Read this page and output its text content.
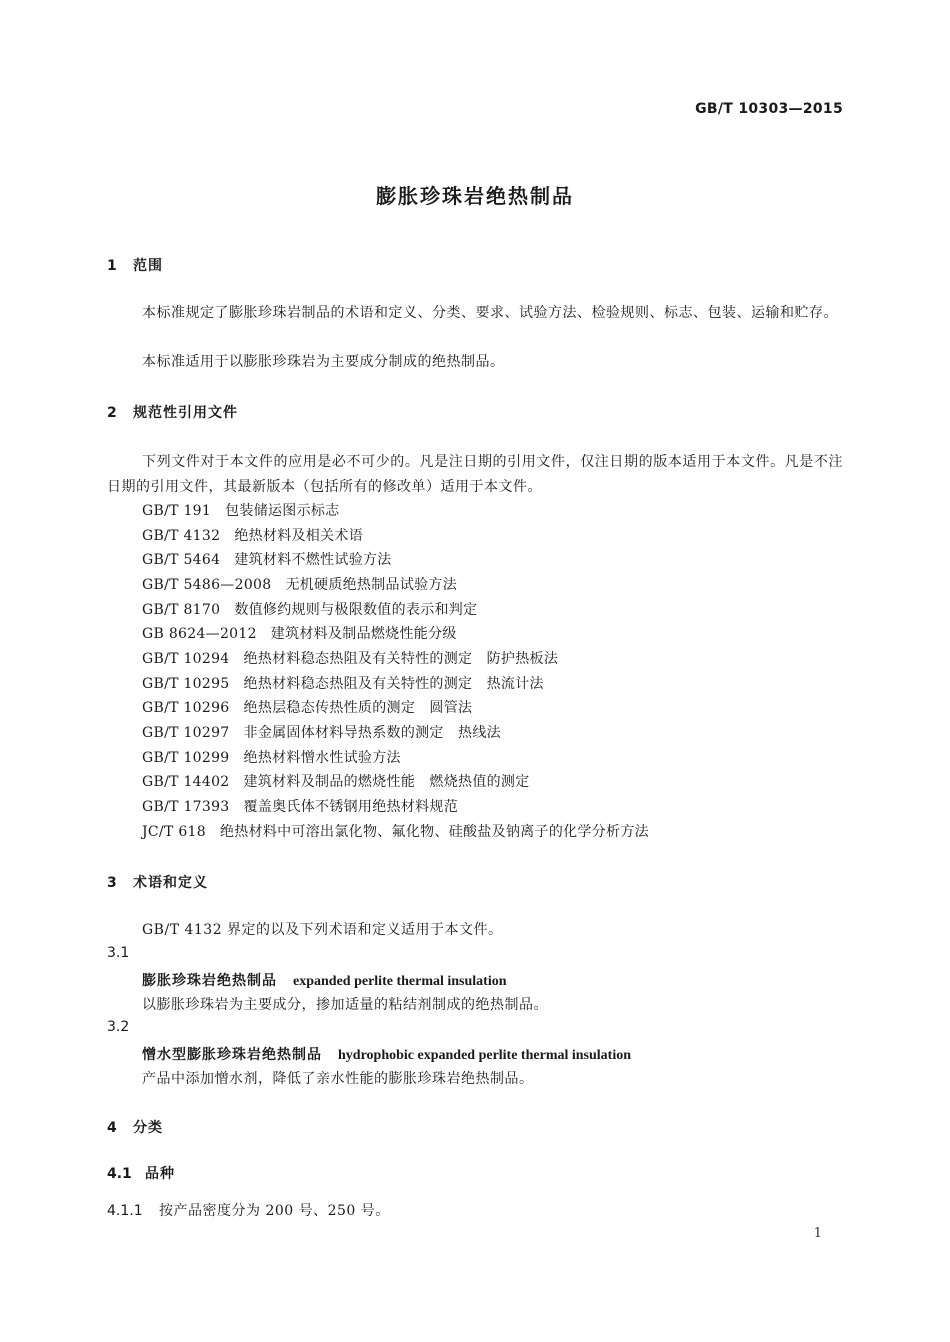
GB/T 10303—2015
膨胀珍珠岩绝热制品
1 范围
本标准规定了膨胀珍珠岩制品的术语和定义、分类、要求、试验方法、检验规则、标志、包装、运输和贮存。
本标准适用于以膨胀珍珠岩为主要成分制成的绝热制品。
2 规范性引用文件
下列文件对于本文件的应用是必不可少的。凡是注日期的引用文件，仅注日期的版本适用于本文件。凡是不注日期的引用文件，其最新版本（包括所有的修改单）适用于本文件。
GB/T 191 包装储运图示标志
GB/T 4132 绝热材料及相关术语
GB/T 5464 建筑材料不燃性试验方法
GB/T 5486—2008 无机硬质绝热制品试验方法
GB/T 8170 数值修约规则与极限数值的表示和判定
GB 8624—2012 建筑材料及制品燃烧性能分级
GB/T 10294 绝热材料稳态热阻及有关特性的测定　防护热板法
GB/T 10295 绝热材料稳态热阻及有关特性的测定　热流计法
GB/T 10296 绝热层稳态传热性质的测定　圆管法
GB/T 10297 非金属固体材料导热系数的测定　热线法
GB/T 10299 绝热材料憎水性试验方法
GB/T 14402 建筑材料及制品的燃烧性能　燃烧热值的测定
GB/T 17393 覆盖奥氏体不锈钢用绝热材料规范
JC/T 618 绝热材料中可溶出氯化物、氟化物、硅酸盐及钠离子的化学分析方法
3 术语和定义
GB/T 4132 界定的以及下列术语和定义适用于本文件。
3.1
膨胀珍珠岩绝热制品 expanded perlite thermal insulation
以膨胀珍珠岩为主要成分，掺加适量的粘结剂制成的绝热制品。
3.2
憎水型膨胀珍珠岩绝热制品 hydrophobic expanded perlite thermal insulation
产品中添加憎水剂，降低了亲水性能的膨胀珍珠岩绝热制品。
4 分类
4.1 品种
4.1.1 按产品密度分为 200 号、250 号。
1
